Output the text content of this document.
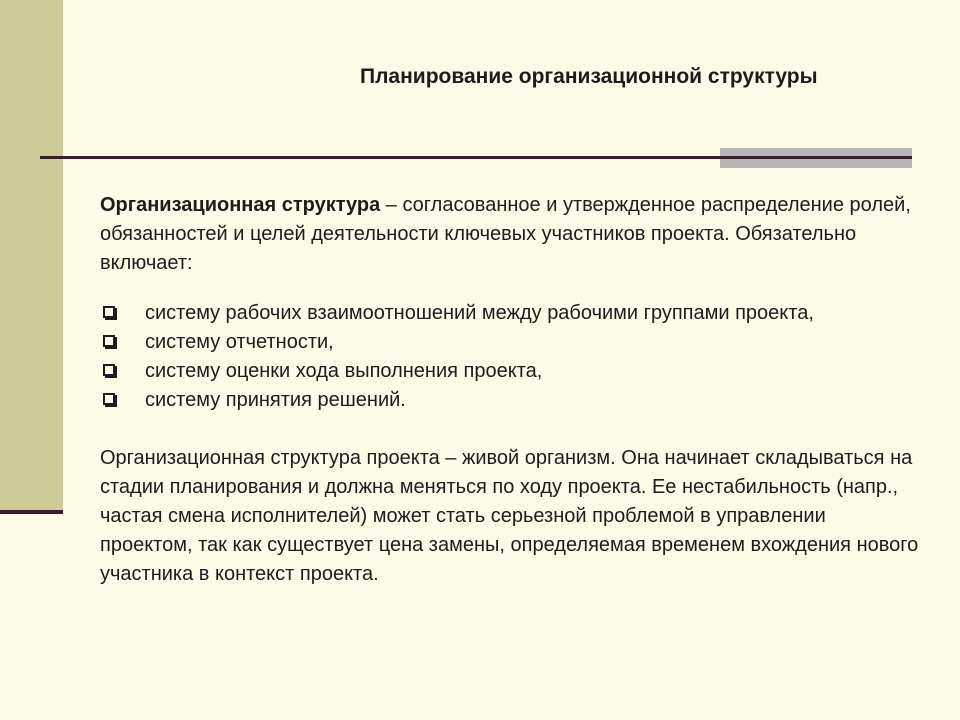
Планирование организационной структуры

Организационная структура – согласованное и утвержденное распределение ролей, обязанностей и целей деятельности ключевых участников проекта. Обязательно включает:

системy рабочих взаимоотношений между рабочими группами проекта,
систему отчетности,
систему оценки хода выполнения проекта,
систему принятия решений.

Организационная структура проекта – живой организм. Она начинает складываться на стадии планирования и должна меняться по ходу проекта. Ее нестабильность (напр., частая смена исполнителей) может стать серьезной проблемой в управлении проектом, так как существует цена замены, определяемая временем вхождения нового участника в контекст проекта.
